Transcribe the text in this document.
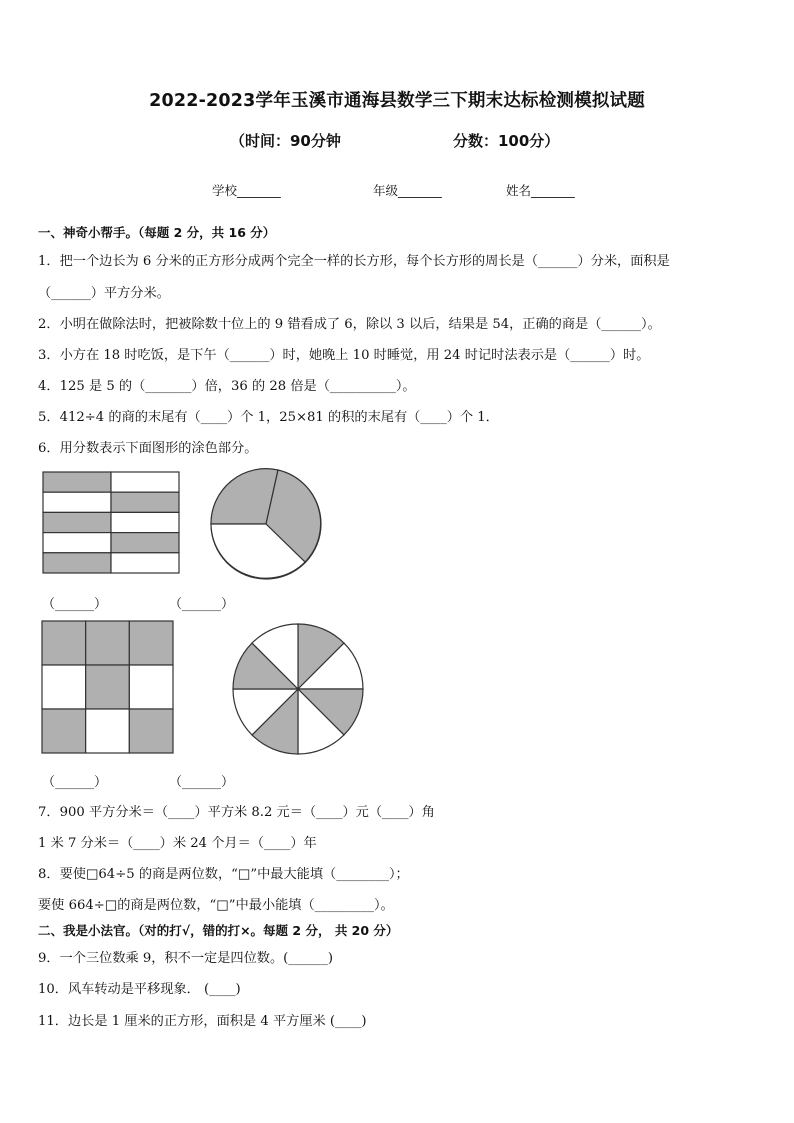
2022-2023学年玉溪市通海县数学三下期末达标检测模拟试题
（时间：90分钟	分数：100分）
学校_______	年级_______	姓名_______
一、神奇小帮手。（每题 2 分，共 16 分）
1．把一个边长为 6 分米的正方形分成两个完全一样的长方形，每个长方形的周长是（______）分米，面积是
（______）平方分米。
2．小明在做除法时，把被除数十位上的 9 错看成了 6，除以 3 以后，结果是 54，正确的商是（______）。
3．小方在 18 时吃饭，是下午（______）时，她晚上 10 时睡觉，用 24 时记时法表示是（______）时。
4．125 是 5 的（_______）倍，36 的 28 倍是（__________）。
5．412÷4 的商的末尾有（____）个 1，25×81 的积的末尾有（____）个 1．
6．用分数表示下面图形的涂色部分。
（______）	（______）
（______）	（______）
7．900 平方分米＝（____）平方米 8.2 元＝（____）元（____）角
1 米 7 分米＝（____）米 24 个月＝（____）年
8．要使□64÷5 的商是两位数，“□”中最大能填（________）；
要使 664÷□的商是两位数，“□”中最小能填（_________）。
二、我是小法官。（对的打√，错的打×。每题 2 分， 共 20 分）
9．一个三位数乘 9，积不一定是四位数。(______)
10．风车转动是平移现象． (____)
11．边长是 1 厘米的正方形，面积是 4 平方厘米 (____)
